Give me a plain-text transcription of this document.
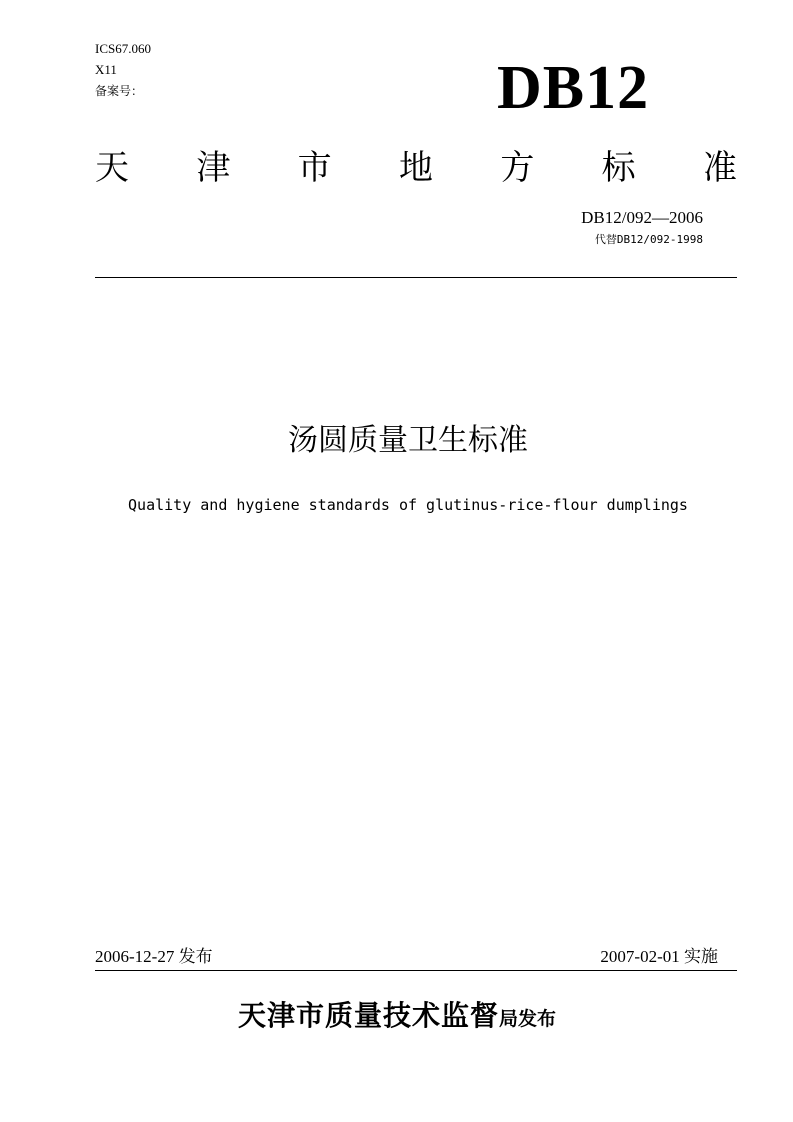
ICS67.060
X11
备案号：	DB12
天 津 市 地 方 标 准
DB12/092—2006
代替DB12/092-1998
汤圆质量卫生标准
Quality and hygiene standards of glutinus-rice-flour dumplings
2006-12-27 发布	2007-02-01 实施
天津市质量技术监督局发布
